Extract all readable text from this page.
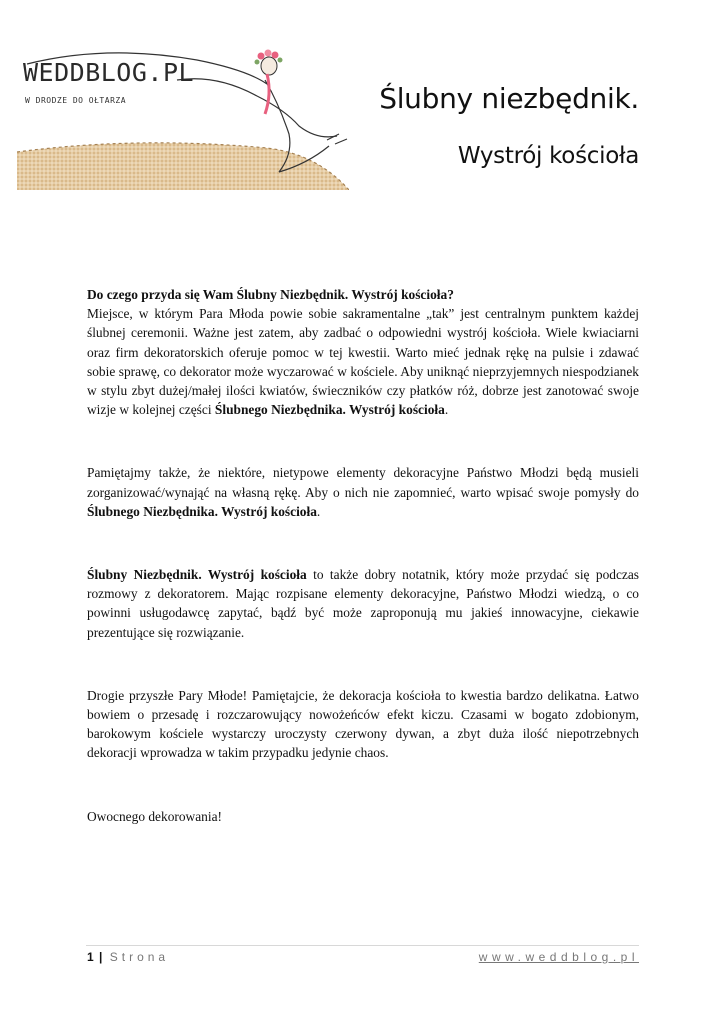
WEDDBLOG.PL
W DRODZE DO OŁTARZA	Ślubny niezbędnik.
Wystrój kościoła

Do czego przyda się Wam Ślubny Niezbędnik. Wystrój kościoła?

Miejsce, w którym Para Młoda powie sobie sakramentalne „tak” jest centralnym punktem każdej ślubnej ceremonii. Ważne jest zatem, aby zadbać o odpowiedni wystrój kościoła. Wiele kwiaciarni oraz firm dekoratorskich oferuje pomoc w tej kwestii. Warto mieć jednak rękę na pulsie i zdawać sobie sprawę, co dekorator może wyczarować w kościele. Aby uniknąć nieprzyjemnych niespodzianek w stylu zbyt dużej/małej ilości kwiatów, świeczników czy płatków róż, dobrze jest zanotować swoje wizje w kolejnej części Ślubnego Niezbędnika. Wystrój kościoła.

Pamiętajmy także, że niektóre, nietypowe elementy dekoracyjne Państwo Młodzi będą musieli zorganizować/wynająć na własną rękę. Aby o nich nie zapomnieć, warto wpisać swoje pomysły do Ślubnego Niezbędnika. Wystrój kościoła.

Ślubny Niezbędnik. Wystrój kościoła to także dobry notatnik, który może przydać się podczas rozmowy z dekoratorem. Mając rozpisane elementy dekoracyjne, Państwo Młodzi wiedzą, o co powinni usługodawcę zapytać, bądź być może zaproponują mu jakieś innowacyjne, ciekawie prezentujące się rozwiązanie.

Drogie przyszłe Pary Młode! Pamiętajcie, że dekoracja kościoła to kwestia bardzo delikatna. Łatwo bowiem o przesadę i rozczarowujący nowożeńców efekt kiczu. Czasami w bogato zdobionym, barokowym kościele wystarczy uroczysty czerwony dywan, a zbyt duża ilość niepotrzebnych dekoracji wprowadza w takim przypadku jedynie chaos.

Owocnego dekorowania!

1 | Strona	www.weddblog.pl
